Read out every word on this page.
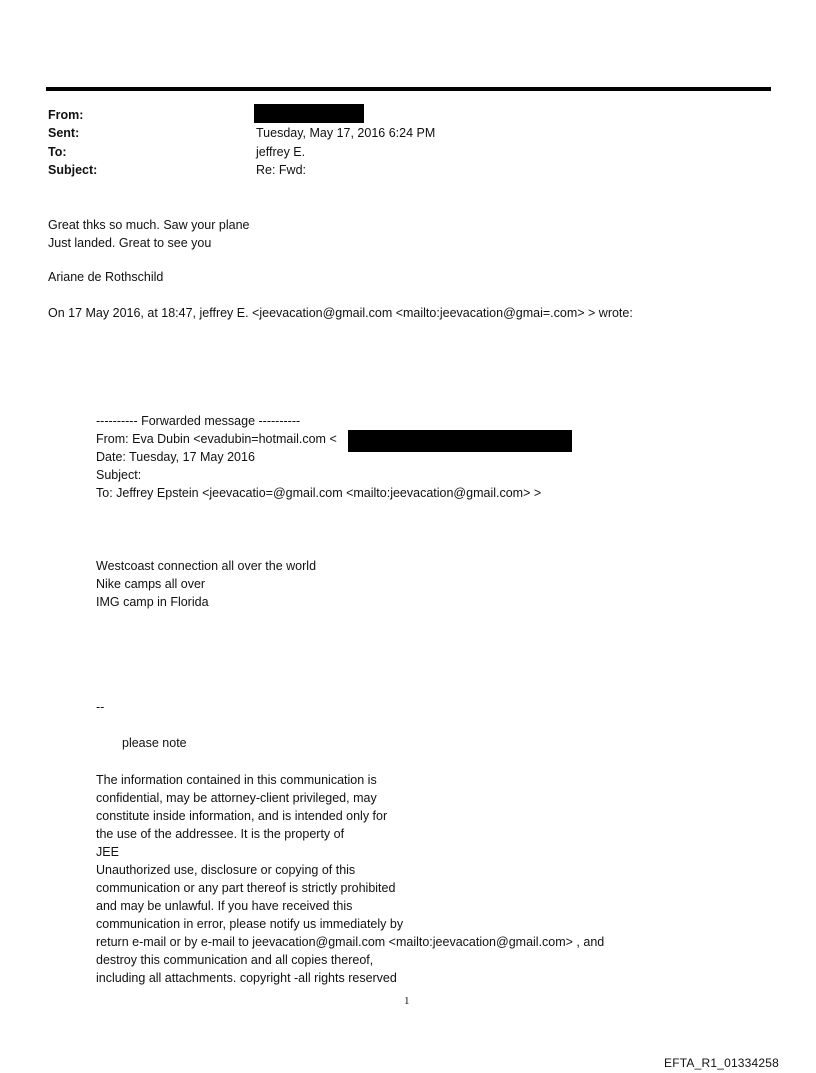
From:
Sent:	Tuesday, May 17, 2016 6:24 PM
To:	jeffrey E.
Subject:	Re: Fwd:
Great thks so much. Saw your plane
Just landed. Great to see you
Ariane de Rothschild
On 17 May 2016, at 18:47, jeffrey E. <jeevacation@gmail.com <mailto:jeevacation@gmai=.com> > wrote:
---------- Forwarded message ----------
From: Eva Dubin <evadubin=hotmail.com <
Date: Tuesday, 17 May 2016
Subject:
To: Jeffrey Epstein <jeevacatio=@gmail.com <mailto:jeevacation@gmail.com> >
Westcoast connection all over the world
Nike camps all over
IMG camp in Florida
--
please note
The information contained in this communication is
confidential, may be attorney-client privileged, may
constitute inside information, and is intended only for
the use of the addressee. It is the property of
JEE
Unauthorized use, disclosure or copying of this
communication or any part thereof is strictly prohibited
and may be unlawful. If you have received this
communication in error, please notify us immediately by
return e-mail or by e-mail to jeevacation@gmail.com <mailto:jeevacation@gmail.com> , and
destroy this communication and all copies thereof,
including all attachments. copyright -all rights reserved
1
EFTA_R1_01334258
